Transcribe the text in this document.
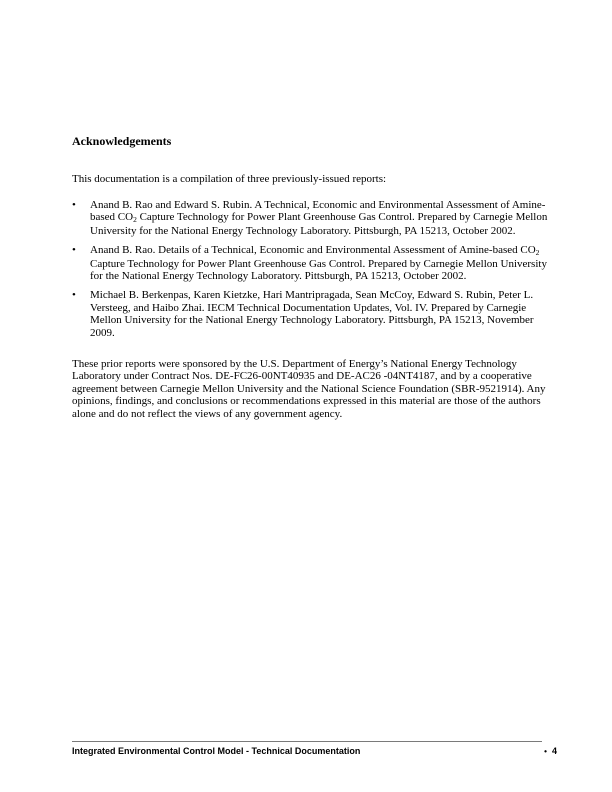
Acknowledgements

This documentation is a compilation of three previously-issued reports:

• Anand B. Rao and Edward S. Rubin. A Technical, Economic and Environmental Assessment of Amine-based CO2 Capture Technology for Power Plant Greenhouse Gas Control. Prepared by Carnegie Mellon University for the National Energy Technology Laboratory. Pittsburgh, PA 15213, October 2002.
• Anand B. Rao. Details of a Technical, Economic and Environmental Assessment of Amine-based CO2 Capture Technology for Power Plant Greenhouse Gas Control. Prepared by Carnegie Mellon University for the National Energy Technology Laboratory. Pittsburgh, PA 15213, October 2002.
• Michael B. Berkenpas, Karen Kietzke, Hari Mantripragada, Sean McCoy, Edward S. Rubin, Peter L. Versteeg, and Haibo Zhai. IECM Technical Documentation Updates, Vol. IV. Prepared by Carnegie Mellon University for the National Energy Technology Laboratory. Pittsburgh, PA 15213, November 2009.

These prior reports were sponsored by the U.S. Department of Energy’s National Energy Technology Laboratory under Contract Nos. DE-FC26-00NT40935 and DE-AC26 -04NT4187, and by a cooperative agreement between Carnegie Mellon University and the National Science Foundation (SBR-9521914). Any opinions, findings, and conclusions or recommendations expressed in this material are those of the authors alone and do not reflect the views of any government agency.

Integrated Environmental Control Model - Technical Documentation	• 4
